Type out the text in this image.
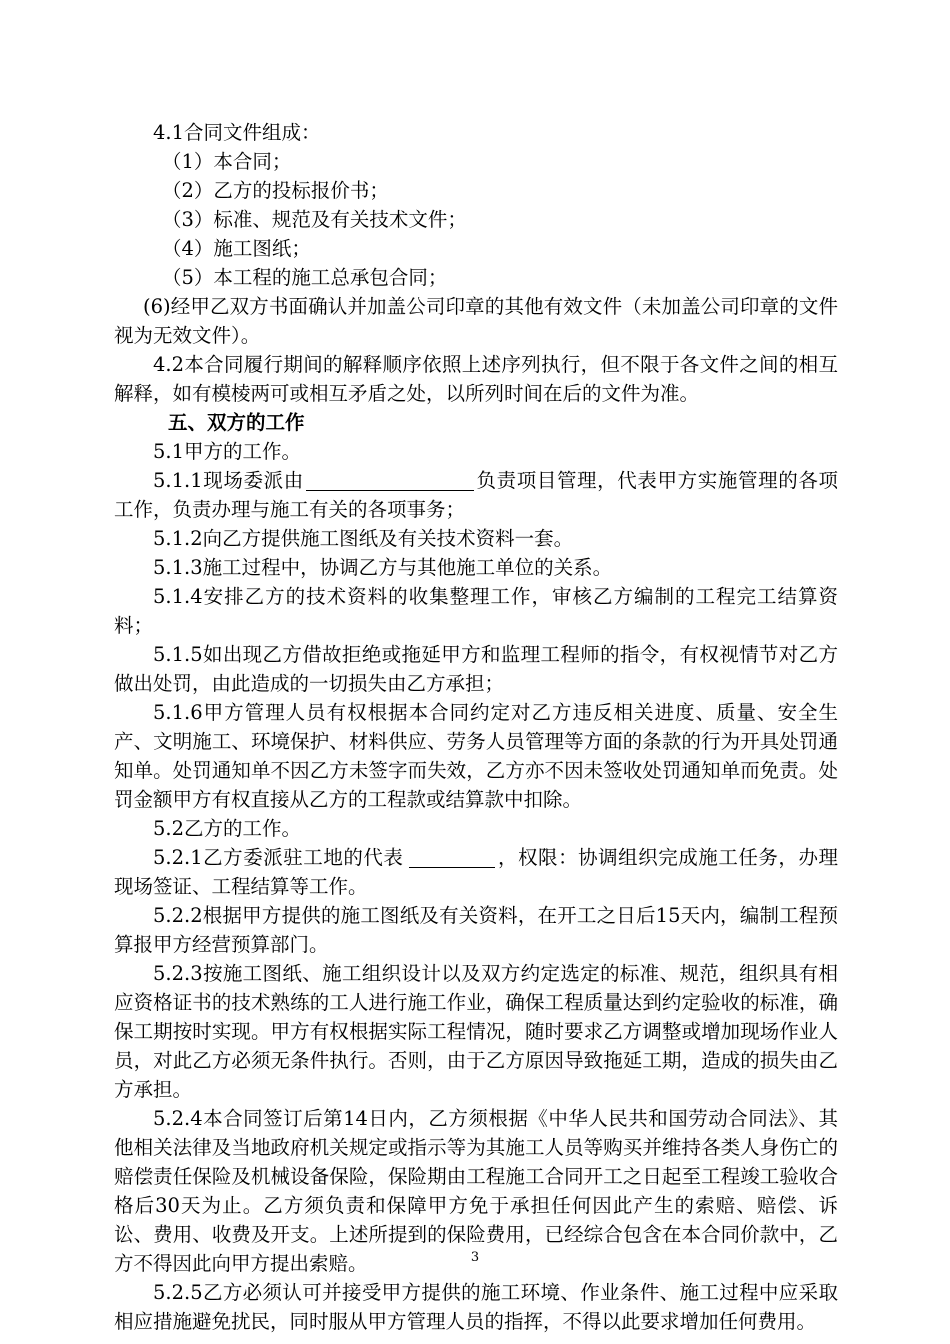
4.1合同文件组成：

（1）本合同；

（2）乙方的投标报价书；

（3）标准、规范及有关技术文件；

（4）施工图纸；

（5）本工程的施工总承包合同；

(6)经甲乙双方书面确认并加盖公司印章的其他有效文件（未加盖公司印章的文件视为无效文件）。

4.2本合同履行期间的解释顺序依照上述序列执行，但不限于各文件之间的相互解释，如有模棱两可或相互矛盾之处，以所列时间在后的文件为准。

五、双方的工作

5.1甲方的工作。

5.1.1现场委派由	负责项目管理，代表甲方实施管理的各项工作，负责办理与施工有关的各项事务；

5.1.2向乙方提供施工图纸及有关技术资料一套。

5.1.3施工过程中，协调乙方与其他施工单位的关系。

5.1.4安排乙方的技术资料的收集整理工作，审核乙方编制的工程完工结算资料；

5.1.5如出现乙方借故拒绝或拖延甲方和监理工程师的指令，有权视情节对乙方做出处罚，由此造成的一切损失由乙方承担；

5.1.6甲方管理人员有权根据本合同约定对乙方违反相关进度、质量、安全生产、文明施工、环境保护、材料供应、劳务人员管理等方面的条款的行为开具处罚通知单。处罚通知单不因乙方未签字而失效，乙方亦不因未签收处罚通知单而免责。处罚金额甲方有权直接从乙方的工程款或结算款中扣除。

5.2乙方的工作。

5.2.1乙方委派驻工地的代表	，权限：协调组织完成施工任务，办理现场签证、工程结算等工作。

5.2.2根据甲方提供的施工图纸及有关资料，在开工之日后15天内，编制工程预算报甲方经营预算部门。

5.2.3按施工图纸、施工组织设计以及双方约定选定的标准、规范，组织具有相应资格证书的技术熟练的工人进行施工作业，确保工程质量达到约定验收的标准，确保工期按时实现。甲方有权根据实际工程情况，随时要求乙方调整或增加现场作业人员，对此乙方必须无条件执行。否则，由于乙方原因导致拖延工期，造成的损失由乙方承担。

5.2.4本合同签订后第14日内，乙方须根据《中华人民共和国劳动合同法》、其他相关法律及当地政府机关规定或指示等为其施工人员等购买并维持各类人身伤亡的赔偿责任保险及机械设备保险，保险期由工程施工合同开工之日起至工程竣工验收合格后30天为止。乙方须负责和保障甲方免于承担任何因此产生的索赔、赔偿、诉讼、费用、收费及开支。上述所提到的保险费用，已经综合包含在本合同价款中，乙方不得因此向甲方提出索赔。

5.2.5乙方必须认可并接受甲方提供的施工环境、作业条件、施工过程中应采取相应措施避免扰民，同时服从甲方管理人员的指挥，不得以此要求增加任何费用。

3
